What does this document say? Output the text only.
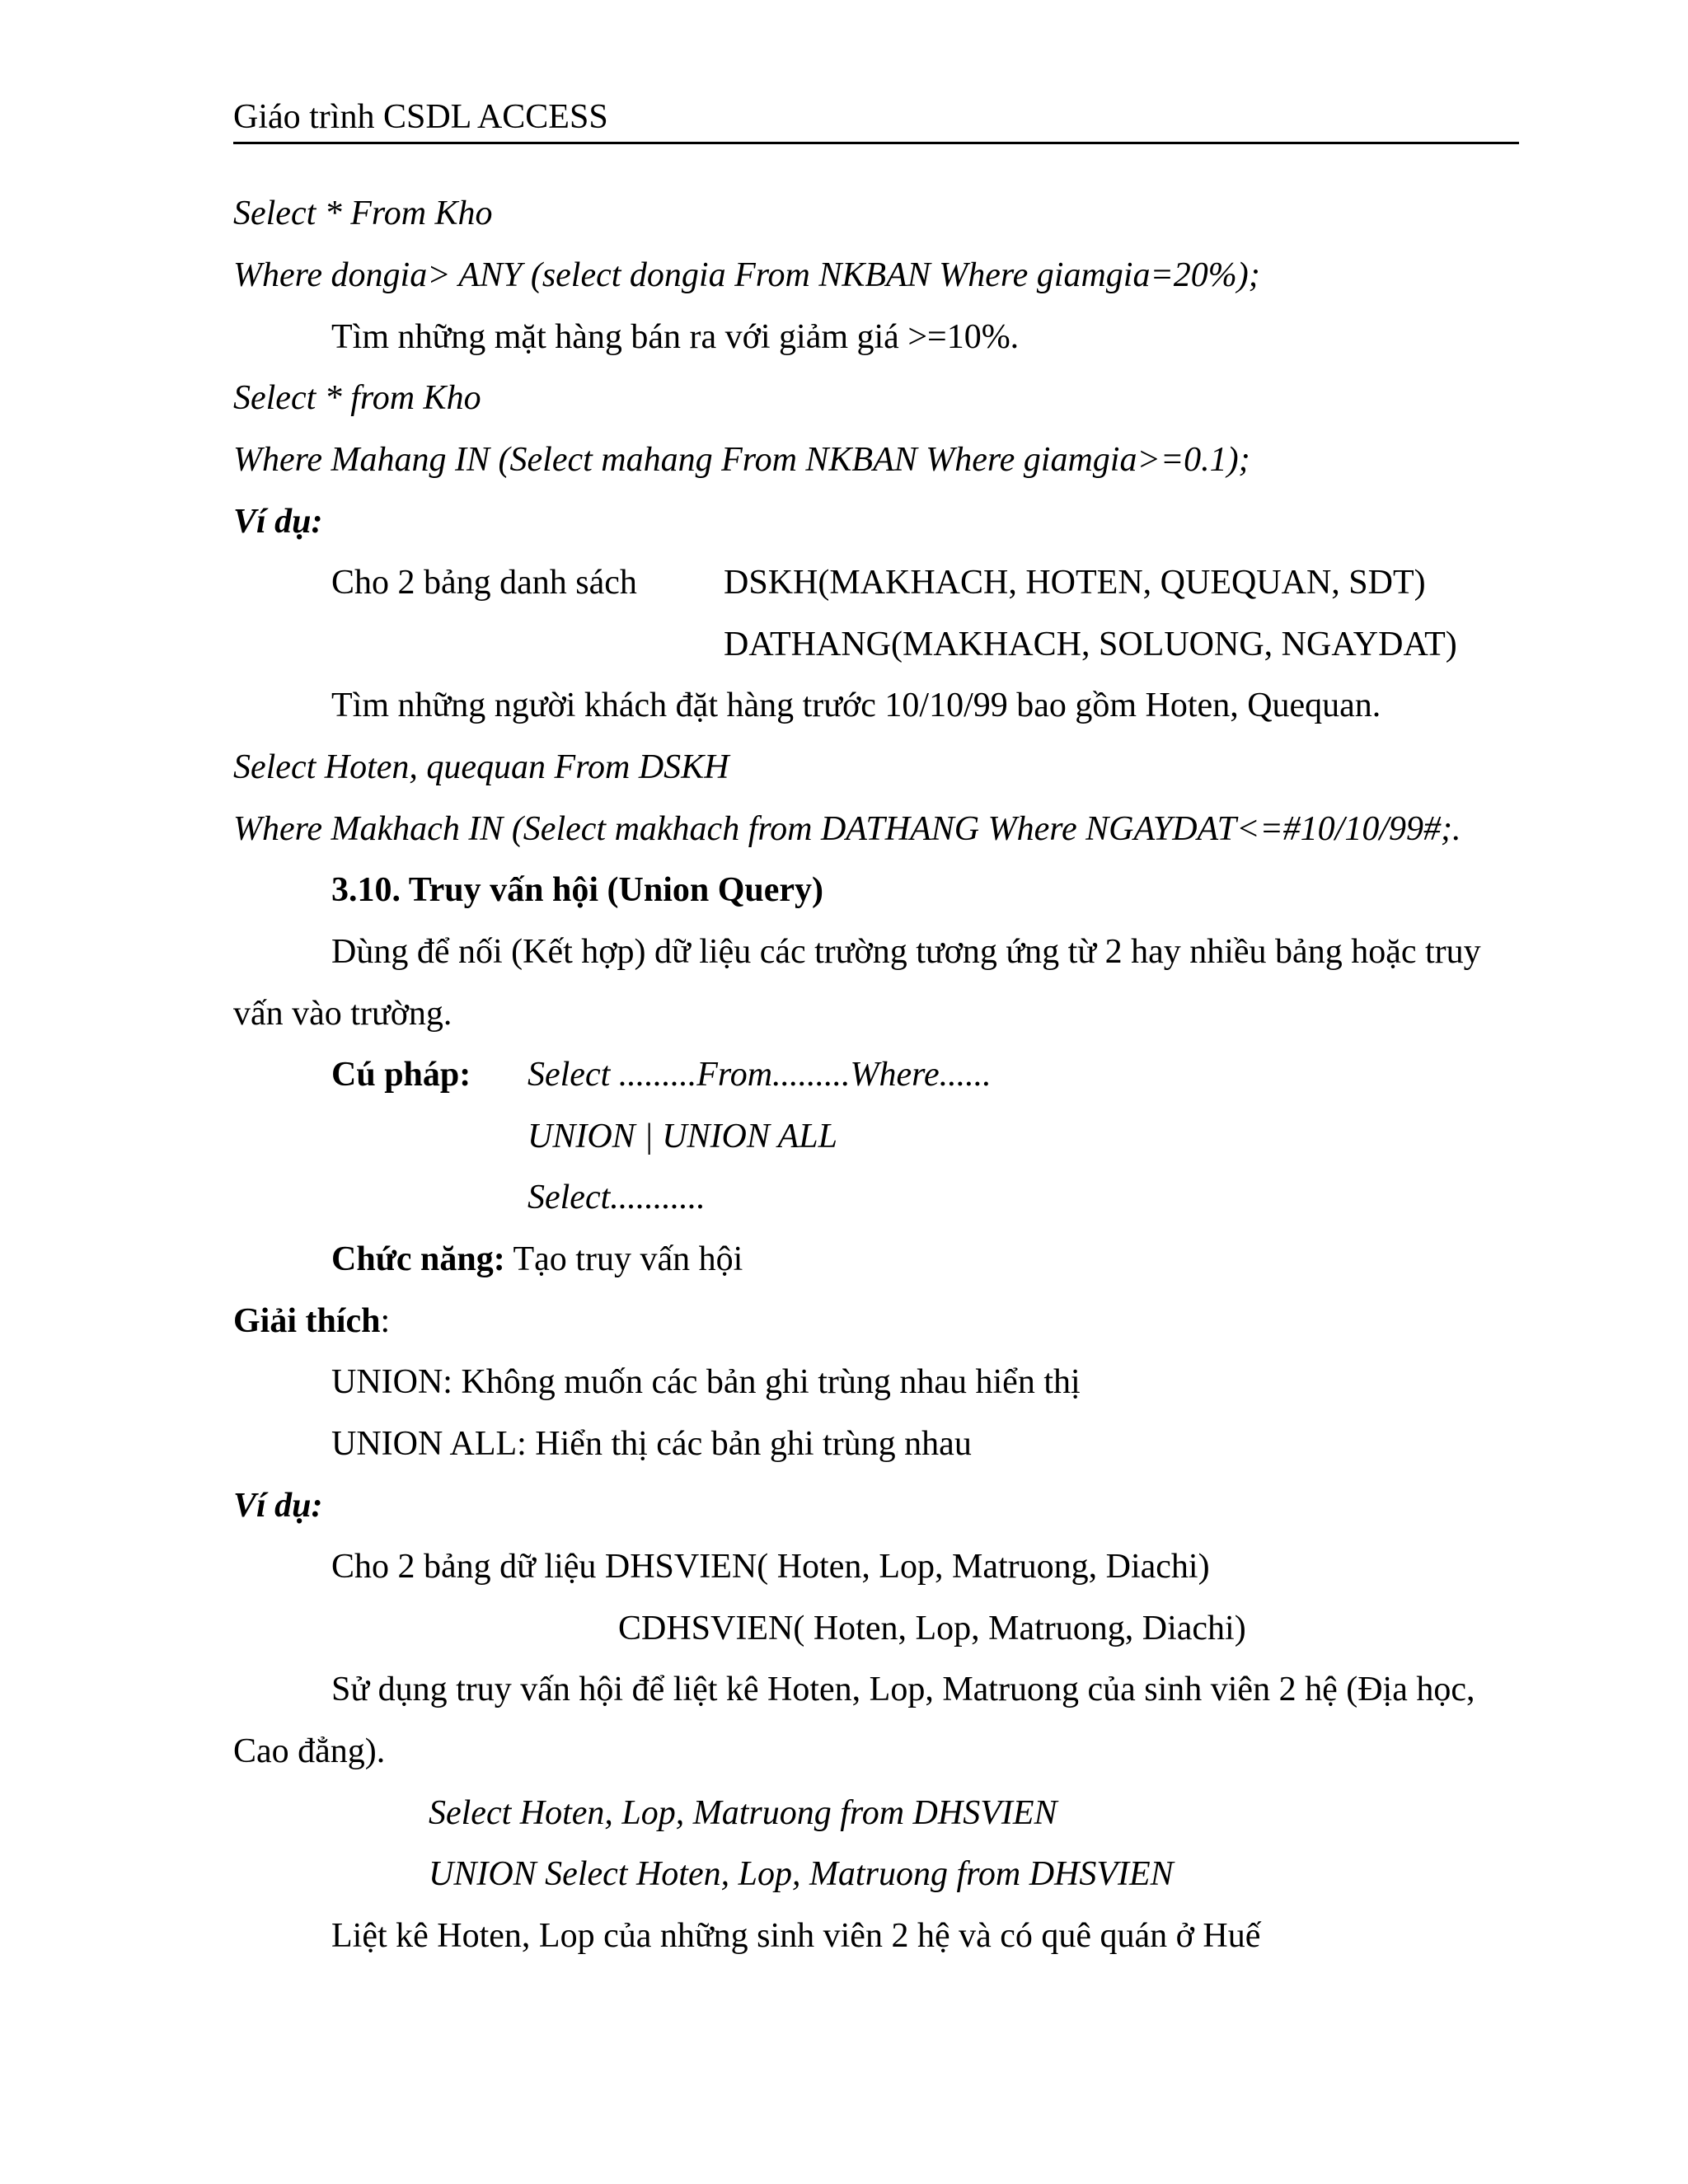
Giáo trình CSDL ACCESS
Select * From Kho
Where dongia> ANY (select dongia From NKBAN Where giamgia=20%);
Tìm những mặt hàng bán ra với giảm giá >=10%.
Select * from Kho
Where Mahang IN (Select mahang From NKBAN Where giamgia>=0.1);
Ví dụ:
Cho 2 bảng danh sách	DSKH(MAKHACH, HOTEN, QUEQUAN, SDT)
DATHANG(MAKHACH, SOLUONG, NGAYDAT)
Tìm những người khách đặt hàng trước 10/10/99 bao gồm Hoten, Quequan.
Select Hoten, quequan From DSKH
Where Makhach IN (Select makhach from DATHANG Where NGAYDAT<=#10/10/99#;.
3.10. Truy vấn hội (Union Query)
Dùng để nối (Kết hợp) dữ liệu các trường tương ứng từ 2 hay nhiều bảng hoặc truy
vấn vào trường.
Cú pháp: Select .........From.........Where......
UNION | UNION ALL
Select...........
Chức năng: Tạo truy vấn hội
Giải thích:
UNION: Không muốn các bản ghi trùng nhau hiển thị
UNION ALL: Hiển thị các bản ghi trùng nhau
Ví dụ:
Cho 2 bảng dữ liệu DHSVIEN( Hoten, Lop, Matruong, Diachi)
CDHSVIEN( Hoten, Lop, Matruong, Diachi)
Sử dụng truy vấn hội để liệt kê Hoten, Lop, Matruong của sinh viên 2 hệ (Địa học,
Cao đẳng).
Select Hoten, Lop, Matruong from DHSVIEN
UNION Select Hoten, Lop, Matruong from DHSVIEN
Liệt kê Hoten, Lop của những sinh viên 2 hệ và có quê quán ở Huế
